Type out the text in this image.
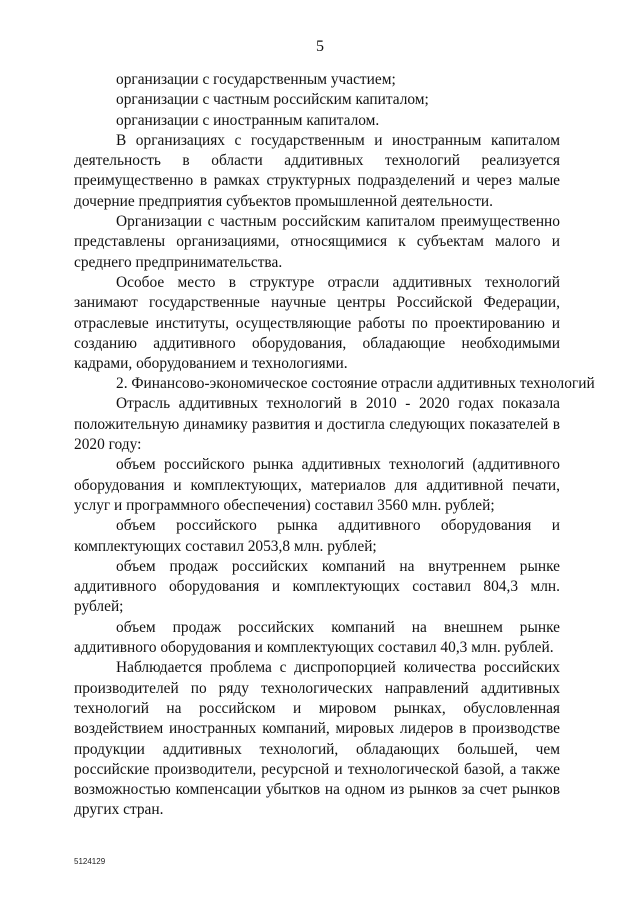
5

организации с государственным участием;

организации с частным российским капиталом;

организации с иностранным капиталом.

В организациях с государственным и иностранным капиталом деятельность в области аддитивных технологий реализуется преимущественно в рамках структурных подразделений и через малые дочерние предприятия субъектов промышленной деятельности.

Организации с частным российским капиталом преимущественно представлены организациями, относящимися к субъектам малого и среднего предпринимательства.

Особое место в структуре отрасли аддитивных технологий занимают государственные научные центры Российской Федерации, отраслевые институты, осуществляющие работы по проектированию и созданию аддитивного оборудования, обладающие необходимыми кадрами, оборудованием и технологиями.

2. Финансово-экономическое состояние отрасли аддитивных технологий

Отрасль аддитивных технологий в 2010 - 2020 годах показала положительную динамику развития и достигла следующих показателей в 2020 году:

объем российского рынка аддитивных технологий (аддитивного оборудования и комплектующих, материалов для аддитивной печати, услуг и программного обеспечения) составил 3560 млн. рублей;

объем российского рынка аддитивного оборудования и комплектующих составил 2053,8 млн. рублей;

объем продаж российских компаний на внутреннем рынке аддитивного оборудования и комплектующих составил 804,3 млн. рублей;

объем продаж российских компаний на внешнем рынке аддитивного оборудования и комплектующих составил 40,3 млн. рублей.

Наблюдается проблема с диспропорцией количества российских производителей по ряду технологических направлений аддитивных технологий на российском и мировом рынках, обусловленная воздействием иностранных компаний, мировых лидеров в производстве продукции аддитивных технологий, обладающих большей, чем российские производители, ресурсной и технологической базой, а также возможностью компенсации убытков на одном из рынков за счет рынков других стран.

5124129
